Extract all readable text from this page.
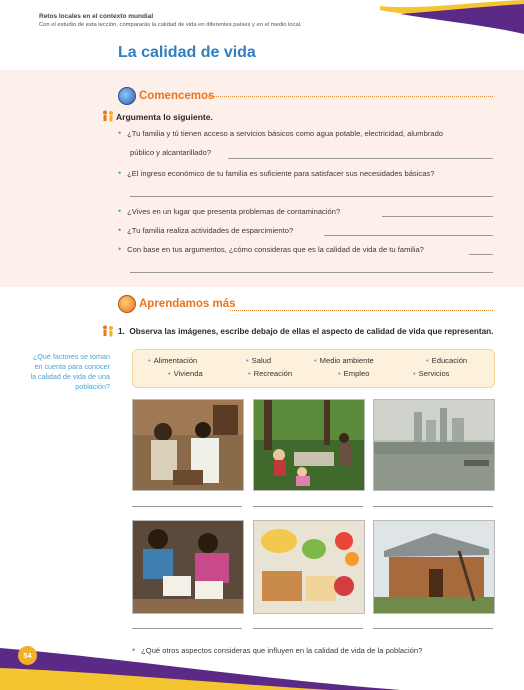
Retos locales en el contexto mundial
Con el estudio de esta lección, compararás la calidad de vida en diferentes países y en el medio local.
La calidad de vida
Comencemos
Argumenta lo siguiente.
• ¿Tu familia y tú tienen acceso a servicios básicos como agua potable, electricidad, alumbrado
público y alcantarillado?
• ¿El ingreso económico de tu familia es suficiente para satisfacer sus necesidades básicas?
• ¿Vives en un lugar que presenta problemas de contaminación?
• ¿Tu familia realiza actividades de esparcimiento?
• Con base en tus argumentos, ¿cómo consideras que es la calidad de vida de tu familia?
Aprendamos más
1. Observa las imágenes, escribe debajo de ellas el aspecto de calidad de vida que representan.
¿Qué factores se toman en cuenta para conocer la calidad de vida de una población?
• Alimentación	• Salud	• Medio ambiente	• Educación
• Vivienda	• Recreación	• Empleo	• Servicios
• ¿Qué otros aspectos consideras que influyen en la calidad de vida de la población?
54
